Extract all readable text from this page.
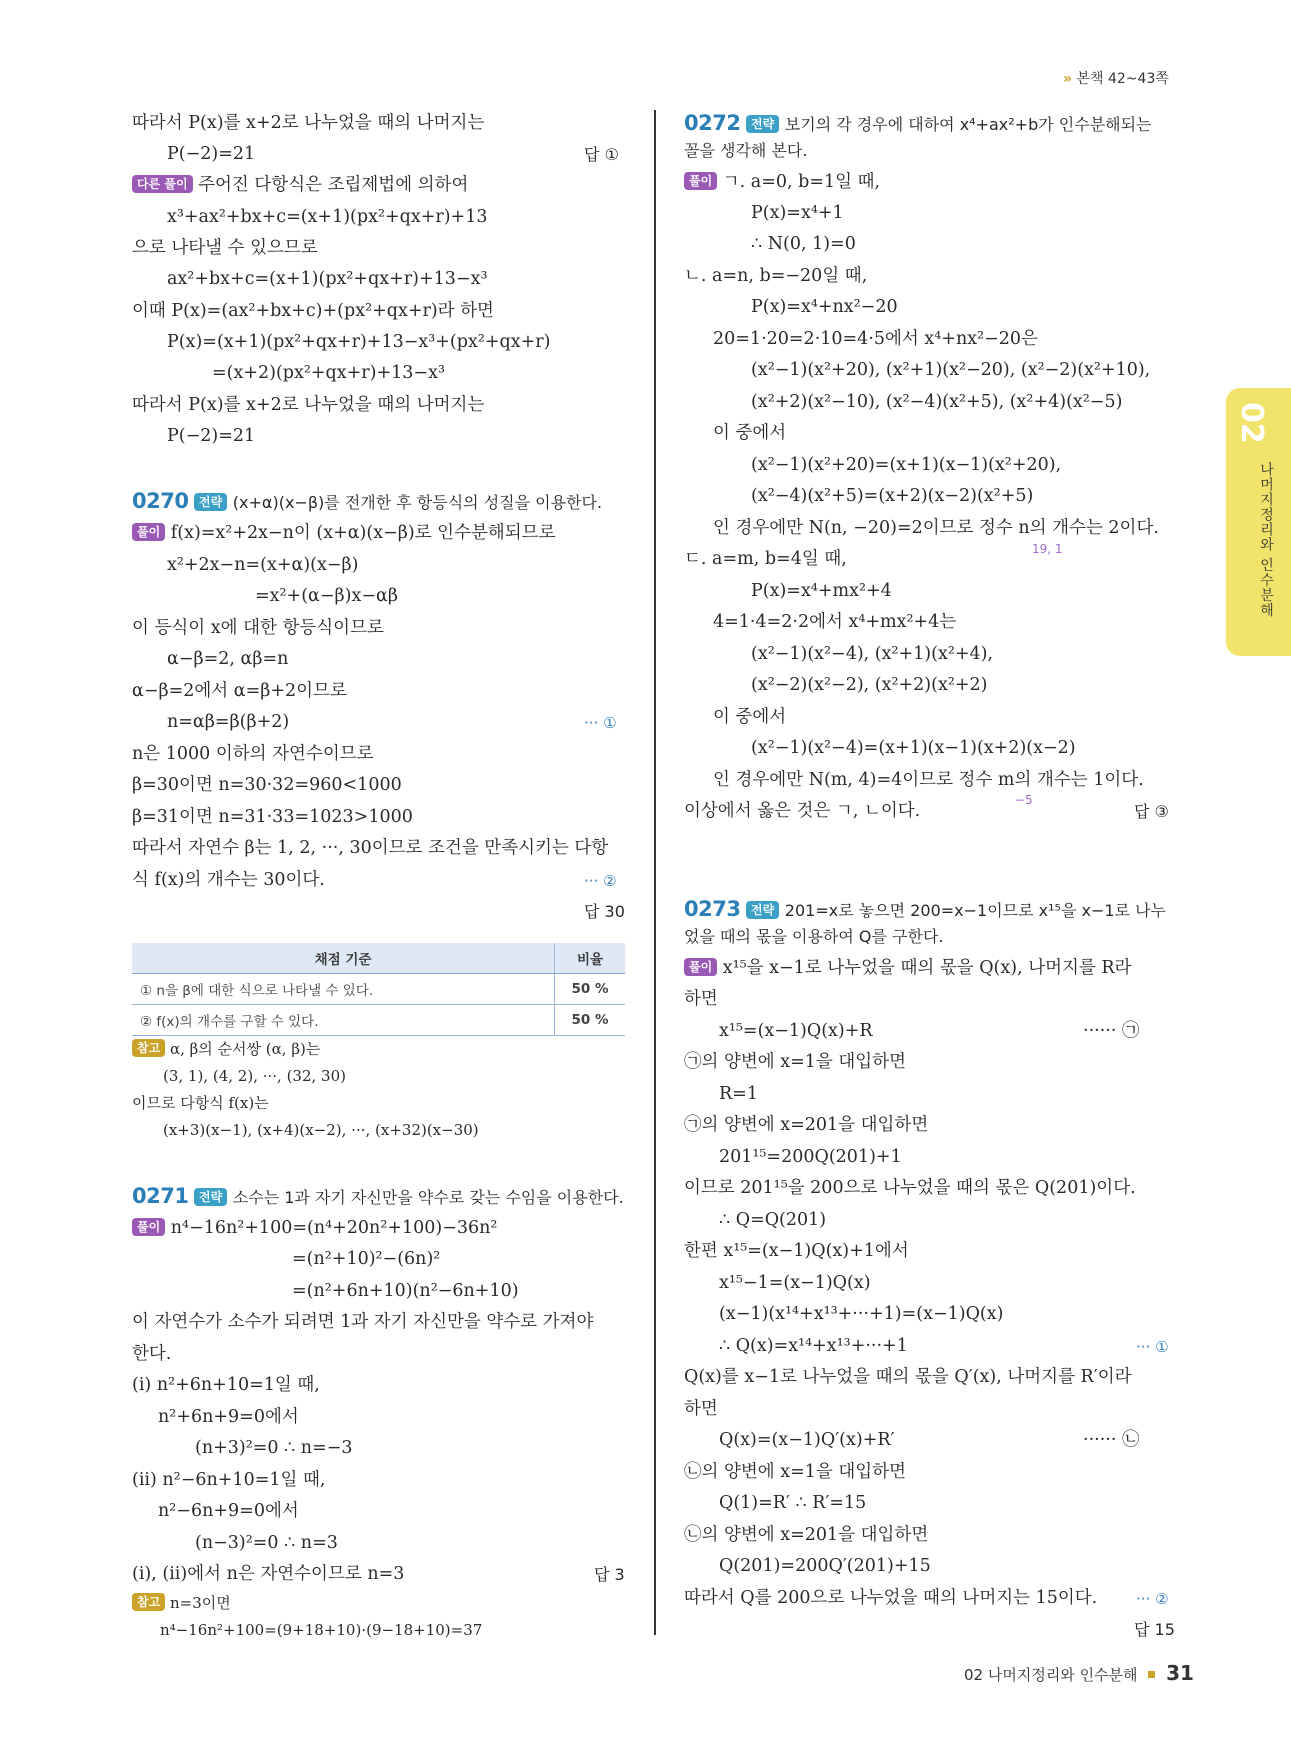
» 본책 42~43쪽
02
나머지정리와 인수분해
따라서 P(x)를 x+2로 나누었을 때의 나머지는
P(−2)=21	답 ①
다른 풀이 주어진 다항식은 조립제법에 의하여
x³+ax²+bx+c=(x+1)(px²+qx+r)+13
으로 나타낼 수 있으므로
ax²+bx+c=(x+1)(px²+qx+r)+13−x³
이때 P(x)=(ax²+bx+c)+(px²+qx+r)라 하면
P(x)=(x+1)(px²+qx+r)+13−x³+(px²+qx+r)
=(x+2)(px²+qx+r)+13−x³
따라서 P(x)를 x+2로 나누었을 때의 나머지는
P(−2)=21
0270 전략 (x+α)(x−β)를 전개한 후 항등식의 성질을 이용한다.
풀이 f(x)=x²+2x−n이 (x+α)(x−β)로 인수분해되므로
x²+2x−n=(x+α)(x−β)
=x²+(α−β)x−αβ
이 등식이 x에 대한 항등식이므로
α−β=2, αβ=n
α−β=2에서 α=β+2이므로
n=αβ=β(β+2)	··· ①
n은 1000 이하의 자연수이므로
β=30이면 n=30·32=960<1000
β=31이면 n=31·33=1023>1000
따라서 자연수 β는 1, 2, ···, 30이므로 조건을 만족시키는 다항
식 f(x)의 개수는 30이다.	··· ②
답 30
채점 기준	비율
① n을 β에 대한 식으로 나타낼 수 있다.	50 %
② f(x)의 개수를 구할 수 있다.	50 %
참고 α, β의 순서쌍 (α, β)는
(3, 1), (4, 2), ···, (32, 30)
이므로 다항식 f(x)는
(x+3)(x−1), (x+4)(x−2), ···, (x+32)(x−30)
0271 전략 소수는 1과 자기 자신만을 약수로 갖는 수임을 이용한다.
풀이 n⁴−16n²+100=(n⁴+20n²+100)−36n²
=(n²+10)²−(6n)²
=(n²+6n+10)(n²−6n+10)
이 자연수가 소수가 되려면 1과 자기 자신만을 약수로 가져야
한다.
(i) n²+6n+10=1일 때,
n²+6n+9=0에서
(n+3)²=0 ∴ n=−3
(ii) n²−6n+10=1일 때,
n²−6n+9=0에서
(n−3)²=0 ∴ n=3
(i), (ii)에서 n은 자연수이므로 n=3	답 3
참고 n=3이면
n⁴−16n²+100=(9+18+10)·(9−18+10)=37
0272 전략 보기의 각 경우에 대하여 x⁴+ax²+b가 인수분해되는
꼴을 생각해 본다.
풀이 ㄱ. a=0, b=1일 때,
P(x)=x⁴+1
∴ N(0, 1)=0
ㄴ. a=n, b=−20일 때,
P(x)=x⁴+nx²−20
20=1·20=2·10=4·5에서 x⁴+nx²−20은
(x²−1)(x²+20), (x²+1)(x²−20), (x²−2)(x²+10),
(x²+2)(x²−10), (x²−4)(x²+5), (x²+4)(x²−5)
이 중에서
(x²−1)(x²+20)=(x+1)(x−1)(x²+20),
(x²−4)(x²+5)=(x+2)(x−2)(x²+5)
인 경우에만 N(n, −20)=2이므로 정수 n의 개수는 2이다.
19, 1
ㄷ. a=m, b=4일 때,
P(x)=x⁴+mx²+4
4=1·4=2·2에서 x⁴+mx²+4는
(x²−1)(x²−4), (x²+1)(x²+4),
(x²−2)(x²−2), (x²+2)(x²+2)
이 중에서
(x²−1)(x²−4)=(x+1)(x−1)(x+2)(x−2)
인 경우에만 N(m, 4)=4이므로 정수 m의 개수는 1이다.
−5
이상에서 옳은 것은 ㄱ, ㄴ이다.	답 ③
0273 전략 201=x로 놓으면 200=x−1이므로 x¹⁵을 x−1로 나누
었을 때의 몫을 이용하여 Q를 구한다.
풀이 x¹⁵을 x−1로 나누었을 때의 몫을 Q(x), 나머지를 R라
하면
x¹⁵=(x−1)Q(x)+R	······ ㉠
㉠의 양변에 x=1을 대입하면
R=1
㉠의 양변에 x=201을 대입하면
201¹⁵=200Q(201)+1
이므로 201¹⁵을 200으로 나누었을 때의 몫은 Q(201)이다.
∴ Q=Q(201)
한편 x¹⁵=(x−1)Q(x)+1에서
x¹⁵−1=(x−1)Q(x)
(x−1)(x¹⁴+x¹³+···+1)=(x−1)Q(x)
∴ Q(x)=x¹⁴+x¹³+···+1	··· ①
Q(x)를 x−1로 나누었을 때의 몫을 Q′(x), 나머지를 R′이라
하면
Q(x)=(x−1)Q′(x)+R′	······ ㉡
㉡의 양변에 x=1을 대입하면
Q(1)=R′ ∴ R′=15
㉡의 양변에 x=201을 대입하면
Q(201)=200Q′(201)+15
따라서 Q를 200으로 나누었을 때의 나머지는 15이다.	··· ②
답 15
02 나머지정리와 인수분해 31
